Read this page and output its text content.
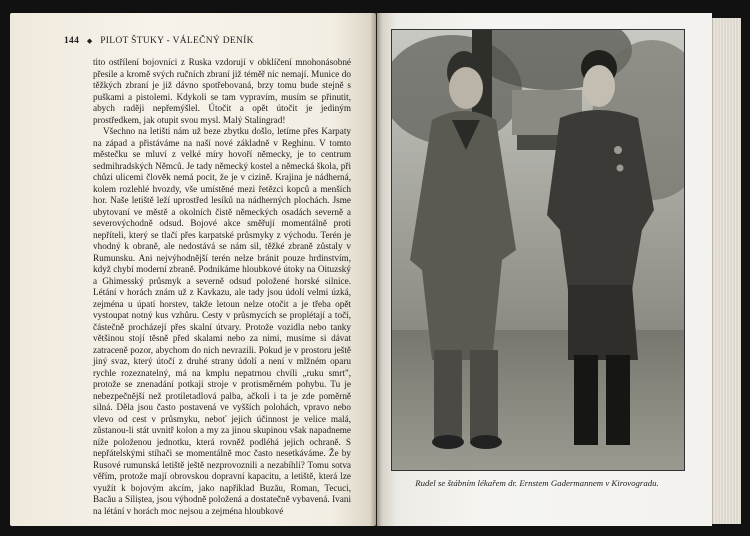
144 ◆ PILOT ŠTUKY - VÁLEČNÝ DENÍK

tito ostřílení bojovníci z Ruska vzdorují v obklíčení mnohonásobné přesile a kromě svých ručních zbraní již téměř nic nemají. Munice do těžkých zbraní je již dávno spotřebovaná, brzy tomu bude stejně s puškami a pistolemi. Kdykoli se tam vypravím, musím se přinutit, abych raději nepřemýšlel. Útočit a opět útočit je jediným prostředkem, jak otupit svou mysl. Malý Stalingrad!

Všechno na letišti nám už beze zbytku došlo, letíme přes Karpaty na západ a přistáváme na naší nové základně v Reghinu. V tomto městečku se mluví z velké míry hovoří německy, je to centrum sedmihradských Němců. Je tady německý kostel a německá škola, při chůzi ulicemi člověk nemá pocit, že je v cizině. Krajina je nádherná, kolem rozlehlé hvozdy, vše umístěné mezi řetězci kopců a menších hor. Naše letiště leží uprostřed lesíků na nádherných plochách. Jsme ubytovaní ve městě a okolních čistě německých osadách severně a severovýchodně odsud. Bojové akce směřují momentálně proti nepříteli, který se tlačí přes karpatské průsmyky z východu. Terén je vhodný k obraně, ale nedostává se nám sil, těžké zbraně zůstaly v Rumunsku. Ani nejvýhodnější terén nelze bránit pouze hrdinstvím, když chybí moderní zbraně. Podnikáme hloubkové útoky na Oituzský a Ghimesský průsmyk a severně odsud položené horské silnice. Létání v horách znám už z Kavkazu, ale tady jsou údolí velmi úzká, zejména u úpatí horstev, takže letoun nelze otočit a je třeba opět vystoupat notný kus vzhůru. Cesty v průsmycích se proplétají a točí, částečně procházejí přes skalní útvary. Protože vozidla nebo tanky většinou stojí těsně před skalami nebo za nimi, musíme si dávat zatraceně pozor, abychom do nich nevrazili. Pokud je v prostoru ještě jiný svaz, který útočí z druhé strany údolí a není v mlžném oparu rychle rozeznatelný, má na kmplu nepatrnou chvíli „ruku smrt", protože se znenadání potkají stroje v protisměrném pohybu. Tu je nebezpečnější než protiletadlová palba, ačkoli i ta je zde poměrně silná. Děla jsou často postavená ve vyšších polohách, vpravo nebo vlevo od cest v průsmyku, neboť jejich účinnost je velice malá, zůstanou-li stát uvnitř kolon a my za jinou skupinou však napadneme níže položenou jednotku, která rovněž podléhá jejich ochraně. S nepřátelskými stíhači se momentálně moc často nesetkáváme. Že by Rusové rumunská letiště ještě nezprovoznili a nezabíhli? Tomu sotva věřím, protože mají obrovskou dopravní kapacitu, a letiště, která lze využít k bojovým akcím, jako například Buzău, Roman, Tecuci, Bacău a Siliștea, jsou výhodně položená a dostatečně vybavená. Ivani na létání v horách moc nejsou a zejména hloubkové

Rudel se štábním lékařem dr. Ernstem Gadermannem v Kirovogradu.
